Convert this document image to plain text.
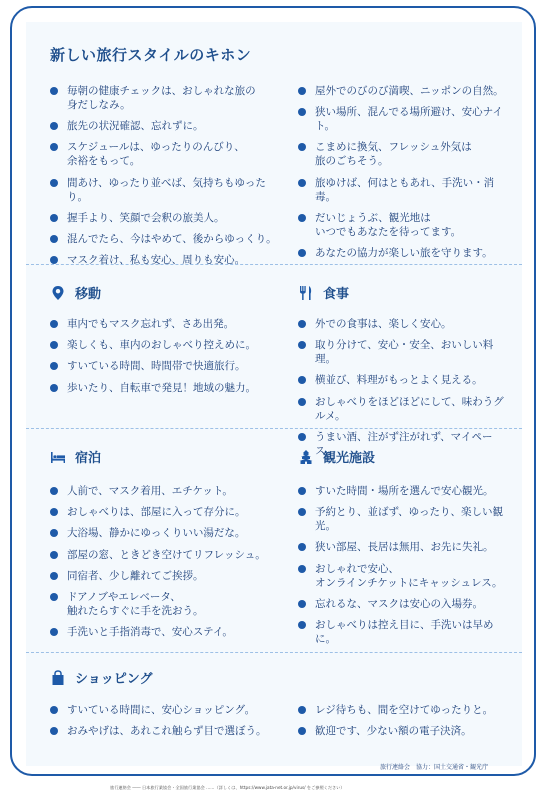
新しい旅行スタイルのキホン
毎朝の健康チェックは、おしゃれな旅の
身だしなみ。
旅先の状況確認、忘れずに。
スケジュールは、ゆったりのんびり、
余裕をもって。
間あけ、ゆったり並べば、気持ちもゆったり。
握手より、笑顔で会釈の旅美人。
混んでたら、今はやめて、後からゆっくり。
マスク着け、私も安心、周りも安心。
屋外でのびのび満喫、ニッポンの自然。
狭い場所、混んでる場所避け、安心ナイト。
こまめに換気、フレッシュ外気は
旅のごちそう。
旅ゆけば、何はともあれ、手洗い・消毒。
だいじょうぶ、観光地は
いつでもあなたを待ってます。
あなたの協力が楽しい旅を守ります。
移動
車内でもマスク忘れず、さあ出発。
楽しくも、車内のおしゃべり控えめに。
すいている時間、時間帯で快適旅行。
歩いたり、自転車で発見！地域の魅力。
食事
外での食事は、楽しく安心。
取り分けて、安心・安全、おいしい料理。
横並び、料理がもっとよく見える。
おしゃべりをほどほどにして、味わうグルメ。
うまい酒、注がず注がれず、マイペース。
宿泊
人前で、マスク着用、エチケット。
おしゃべりは、部屋に入って存分に。
大浴場、静かにゆっくりいい湯だな。
部屋の窓、ときどき空けてリフレッシュ。
同宿者、少し離れてご挨拶。
ドアノブやエレベータ、
触れたらすぐに手を洗おう。
手洗いと手指消毒で、安心ステイ。
観光施設
すいた時間・場所を選んで安心観光。
予約とり、並ばず、ゆったり、楽しい観光。
狭い部屋、長居は無用、お先に失礼。
おしゃれで安心、
オンラインチケットにキャッシュレス。
忘れるな、マスクは安心の入場券。
おしゃべりは控え目に、手洗いは早めに。
ショッピング
すいている時間に、安心ショッピング。
おみやげは、あれこれ触らず目で選ぼう。
レジ待ちも、間を空けてゆったりと。
歓迎です、少ない額の電子決済。
旅行連絡会　協力：国土交通省・観光庁
旅行連絡会 ―― 日本旅行業協会・全国旅行業協会 ……（詳しくは、https://www.jata-net.or.jp/virus/ をご参照ください）
